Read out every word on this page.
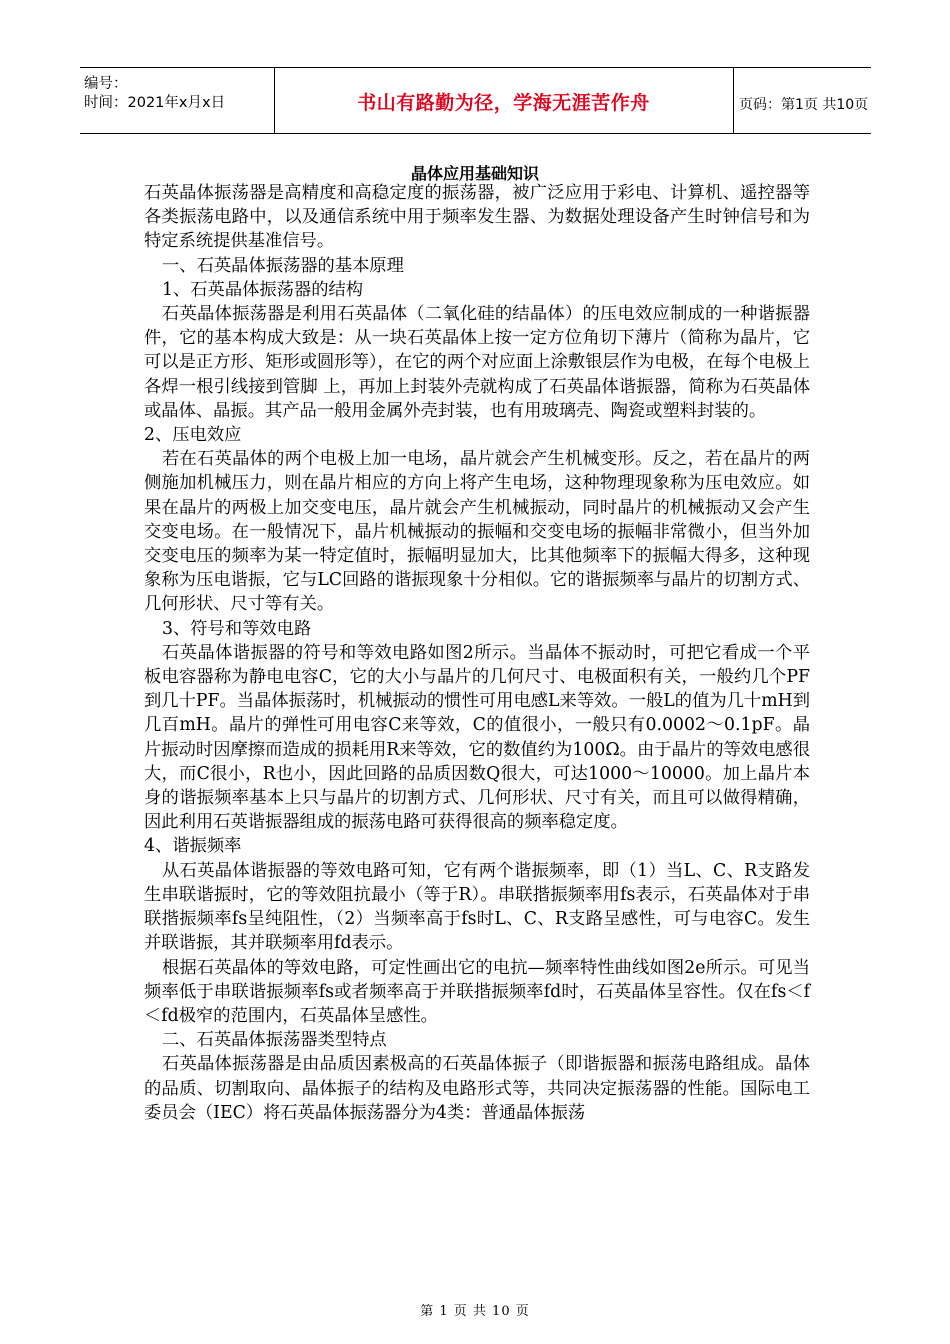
编号：
时间：2021年x月x日	书山有路勤为径，学海无涯苦作舟	页码：第1页 共10页
晶体应用基础知识

石英晶体振荡器是高精度和高稳定度的振荡器，被广泛应用于彩电、计算机、遥控器等各类振荡电路中，以及通信系统中用于频率发生器、为数据处理设备产生时钟信号和为特定系统提供基准信号。

一、石英晶体振荡器的基本原理

1、石英晶体振荡器的结构

石英晶体振荡器是利用石英晶体（二氧化硅的结晶体）的压电效应制成的一种谐振器件，它的基本构成大致是：从一块石英晶体上按一定方位角切下薄片（简称为晶片，它可以是正方形、矩形或圆形等），在它的两个对应面上涂敷银层作为电极，在每个电极上各焊一根引线接到管脚 上，再加上封装外壳就构成了石英晶体谐振器，简称为石英晶体或晶体、晶振。其产品一般用金属外壳封装，也有用玻璃壳、陶瓷或塑料封装的。

2、压电效应

若在石英晶体的两个电极上加一电场，晶片就会产生机械变形。反之，若在晶片的两侧施加机械压力，则在晶片相应的方向上将产生电场，这种物理现象称为压电效应。如果在晶片的两极上加交变电压，晶片就会产生机械振动，同时晶片的机械振动又会产生交变电场。在一般情况下，晶片机械振动的振幅和交变电场的振幅非常微小，但当外加交变电压的频率为某一特定值时，振幅明显加大，比其他频率下的振幅大得多，这种现象称为压电谐振，它与LC回路的谐振现象十分相似。它的谐振频率与晶片的切割方式、几何形状、尺寸等有关。

3、符号和等效电路

石英晶体谐振器的符号和等效电路如图2所示。当晶体不振动时，可把它看成一个平板电容器称为静电电容C，它的大小与晶片的几何尺寸、电极面积有关，一般约几个PF到几十PF。当晶体振荡时，机械振动的惯性可用电感L来等效。一般L的值为几十mH到几百mH。晶片的弹性可用电容C来等效，C的值很小，一般只有0.0002～0.1pF。晶片振动时因摩擦而造成的损耗用R来等效，它的数值约为100Ω。由于晶片的等效电感很大，而C很小，R也小，因此回路的品质因数Q很大，可达1000～10000。加上晶片本身的谐振频率基本上只与晶片的切割方式、几何形状、尺寸有关，而且可以做得精确，因此利用石英谐振器组成的振荡电路可获得很高的频率稳定度。

4、谐振频率

从石英晶体谐振器的等效电路可知，它有两个谐振频率，即（1）当L、C、R支路发生串联谐振时，它的等效阻抗最小（等于R）。串联揩振频率用fs表示，石英晶体对于串联揩振频率fs呈纯阻性，（2）当频率高于fs时L、C、R支路呈感性，可与电容C。发生并联谐振，其并联频率用fd表示。

根据石英晶体的等效电路，可定性画出它的电抗—频率特性曲线如图2e所示。可见当频率低于串联谐振频率fs或者频率高于并联揩振频率fd时，石英晶体呈容性。仅在fs＜f＜fd极窄的范围内，石英晶体呈感性。

二、石英晶体振荡器类型特点

石英晶体振荡器是由品质因素极高的石英晶体振子（即谐振器和振荡电路组成。晶体的品质、切割取向、晶体振子的结构及电路形式等，共同决定振荡器的性能。国际电工委员会（IEC）将石英晶体振荡器分为4类：普通晶体振荡

第 1 页 共 10 页
